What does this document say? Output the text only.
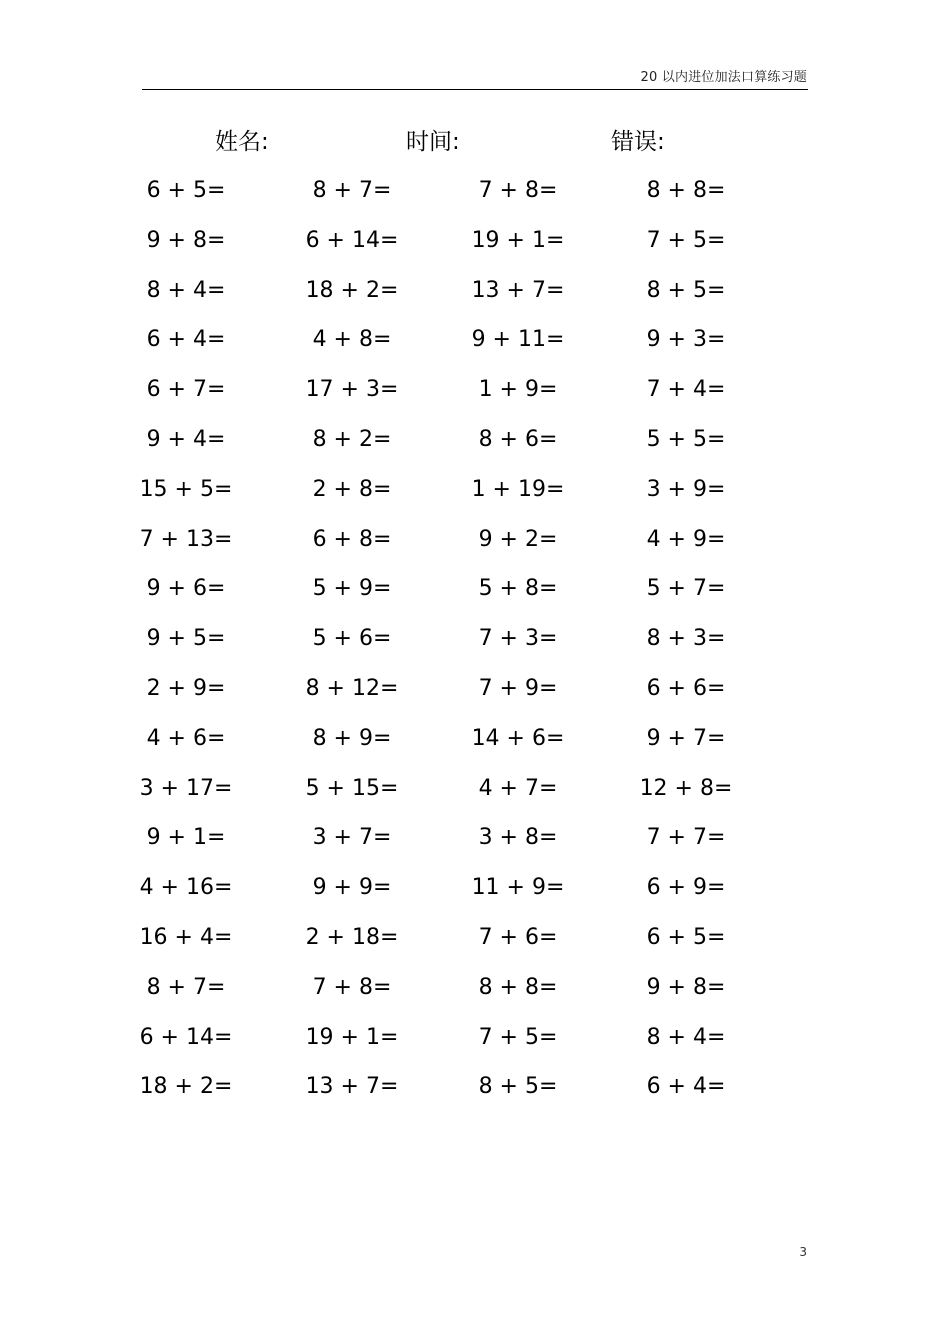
20 以内进位加法口算练习题
姓名:	时间:	错误:
6 + 5=	8 + 7=	7 + 8=	8 + 8=
9 + 8=	6 + 14=	19 + 1=	7 + 5=
8 + 4=	18 + 2=	13 + 7=	8 + 5=
6 + 4=	4 + 8=	9 + 11=	9 + 3=
6 + 7=	17 + 3=	1 + 9=	7 + 4=
9 + 4=	8 + 2=	8 + 6=	5 + 5=
15 + 5=	2 + 8=	1 + 19=	3 + 9=
7 + 13=	6 + 8=	9 + 2=	4 + 9=
9 + 6=	5 + 9=	5 + 8=	5 + 7=
9 + 5=	5 + 6=	7 + 3=	8 + 3=
2 + 9=	8 + 12=	7 + 9=	6 + 6=
4 + 6=	8 + 9=	14 + 6=	9 + 7=
3 + 17=	5 + 15=	4 + 7=	12 + 8=
9 + 1=	3 + 7=	3 + 8=	7 + 7=
4 + 16=	9 + 9=	11 + 9=	6 + 9=
16 + 4=	2 + 18=	7 + 6=	6 + 5=
8 + 7=	7 + 8=	8 + 8=	9 + 8=
6 + 14=	19 + 1=	7 + 5=	8 + 4=
18 + 2=	13 + 7=	8 + 5=	6 + 4=
3
